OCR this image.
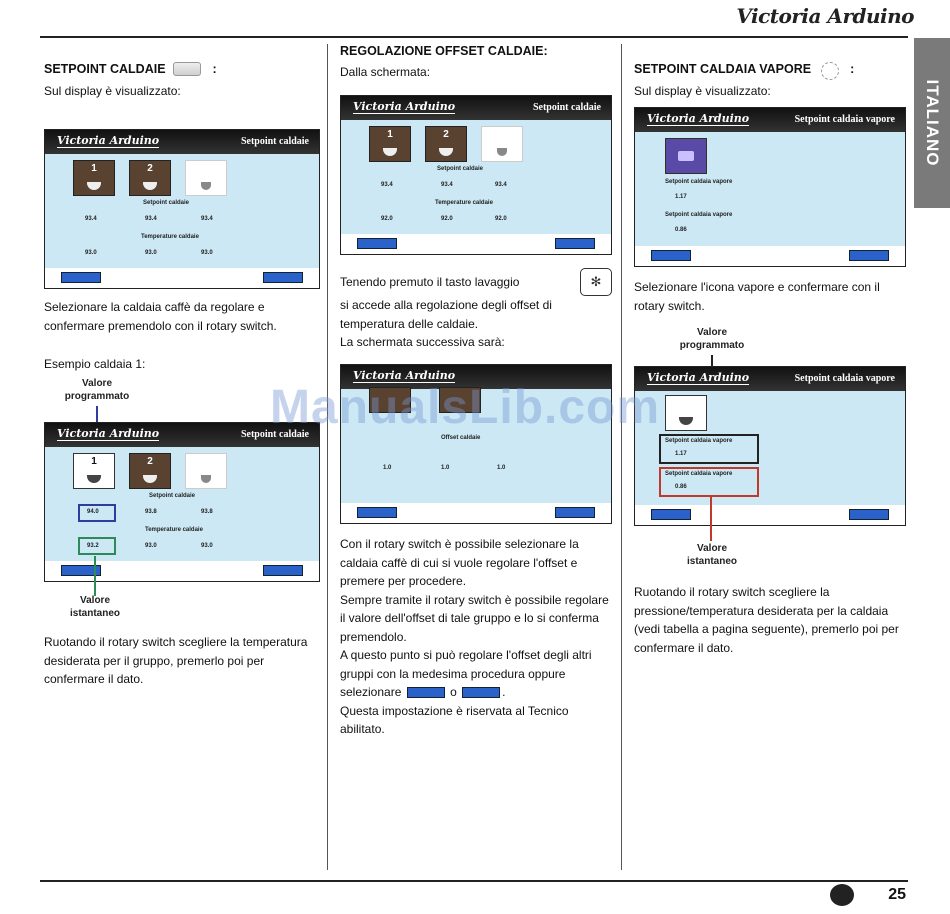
Victoria Arduino
ITALIANO
SETPOINT CALDAIE	:
Sul display è visualizzato:
Victoria Arduino	Setpoint caldaie
1	2
Setpoint caldaie
93.4	93.4	93.4
Temperature caldaie
93.0	93.0	93.0
Selezionare la caldaia caffè da regolare e confermare premendolo con il rotary switch.
Esempio caldaia 1:
Valore programmato
Victoria Arduino	Setpoint caldaie
1	2
Setpoint caldaie
94.0	93.8	93.8
Temperature caldaie
93.2	93.0	93.0
Valore istantaneo
Ruotando il rotary switch scegliere la temperatura desiderata per il gruppo, premerlo poi per confermare il dato.
REGOLAZIONE OFFSET CALDAIE:
Dalla schermata:
Victoria Arduino	Setpoint caldaie
1	2
Setpoint caldaie
93.4	93.4	93.4
Temperature caldaie
92.0	92.0	92.0
Tenendo premuto il tasto lavaggio	✻
si accede alla regolazione degli offset di temperatura delle caldaie.
La schermata successiva sarà:
Victoria Arduino
Offset caldaie
1.0	1.0	1.0
Con il rotary switch è possibile selezionare la caldaia caffè di cui si vuole regolare l'offset e premere per procedere.
Sempre tramite il rotary switch è possibile regolare il valore dell'offset di tale gruppo e lo si conferma premendolo.
A questo punto si può regolare l'offset degli altri gruppi con la medesima procedura oppure selezionare	o	.
Questa impostazione è riservata al Tecnico abilitato.
SETPOINT CALDAIA VAPORE	:
Sul display è visualizzato:
Victoria Arduino	Setpoint caldaia vapore
Setpoint caldaia vapore
1.17
Setpoint caldaia vapore
0.86
Selezionare l'icona vapore e confermare con il rotary switch.
Valore programmato
Victoria Arduino	Setpoint caldaia vapore
Setpoint caldaia vapore
1.17
Setpoint caldaia vapore
0.86
Valore istantaneo
Ruotando il rotary switch scegliere la pressione/temperatura desiderata per la caldaia (vedi tabella a pagina seguente), premerlo poi per confermare il dato.
ManualsLib.com
25
